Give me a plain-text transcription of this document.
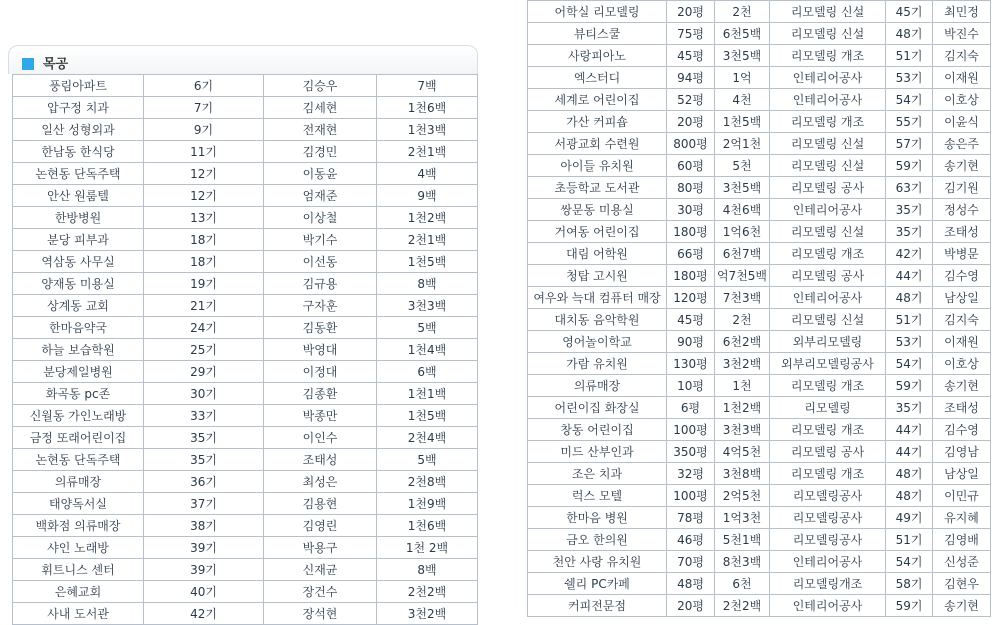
목공
풍림아파트	6기	김승우	7백
압구정 치과	7기	김세현	1천6백
일산 성형외과	9기	전재현	1천3백
한남동 한식당	11기	김경민	2천1백
논현동 단독주택	12기	이동윤	4백
안산 원룸텔	12기	엄재준	9백
한방병원	13기	이상철	1천2백
분당 피부과	18기	박기수	2천1백
역삼동 사무실	18기	이선동	1천5백
양재동 미용실	19기	김규용	8백
상계동 교회	21기	구자훈	3천3백
한마음약국	24기	김동환	5백
하늘 보습학원	25기	박영대	1천4백
분당제일병원	29기	이정대	6백
화곡동 pc존	30기	김종환	1천1백
신월동 가인노래방	33기	박종만	1천5백
금정 또래어린이집	35기	이인수	2천4백
논현동 단독주택	35기	조태성	5백
의류매장	36기	최성은	2천8백
태양독서실	37기	김용현	1천9백
백화점 의류매장	38기	김영린	1천6백
샤인 노래방	39기	박용구	1천 2백
휘트니스 센터	39기	신재균	8백
은혜교회	40기	장건수	2천2백
사내 도서관	42기	장석현	3천2백
어학실 리모델링	20평	2천	리모델링 신설	45기	최민정
뷰티스쿨	75평	6천5백	리모델링 신설	48기	박진수
사랑피아노	45평	3천5백	리모델링 개조	51기	김지숙
엑스터디	94평	1억	인테리어공사	53기	이재원
세계로 어린이집	52평	4천	인테리어공사	54기	이호상
가산 커피숍	20평	1천5백	리모델링 개조	55기	이윤식
서광교회 수련원	800평	2억1천	리모델링 신설	57기	송은주
아이들 유치원	60평	5천	리모델링 신설	59기	송기현
초등학교 도서관	80평	3천5백	리모델링 공사	63기	김기원
쌍문동 미용실	30평	4천6백	인테리어공사	35기	정성수
거여동 어린이집	180평	1억6천	리모델링 신설	35기	조태성
대림 어학원	66평	6천7백	리모델링 개조	42기	박병문
청탑 고시원	180평	억7천5백	리모델링 공사	44기	김수영
여우와 늑대 컴퓨터 매장	120평	7천3백	인테리어공사	48기	남상일
대치동 음악학원	45평	2천	리모델링 신설	51기	김지숙
영어놀이학교	90평	6천2백	외부리모델링	53기	이재원
가람 유치원	130평	3천2백	외부리모델링공사	54기	이호상
의류매장	10평	1천	리모델링 개조	59기	송기현
어린이집 화장실	6평	1천2백	리모델링	35기	조태성
창동 어린이집	100평	3천3백	리모델링 개조	44기	김수영
미드 산부인과	350평	4억5천	리모델링 공사	44기	김영남
조은 치과	32평	3천8백	리모델링 개조	48기	남상일
럭스 모텔	100평	2억5천	리모델링공사	48기	이민규
한마음 병원	78평	1억3천	리모델링공사	49기	유지혜
금오 한의원	46평	5천1백	리모델링공사	51기	김영배
천안 사랑 유치원	70평	8천3백	인테리어공사	54기	신성준
쉘리 PC카페	48평	6천	리모델링개조	58기	김현우
커피전문점	20평	2천2백	인테리어공사	59기	송기현
